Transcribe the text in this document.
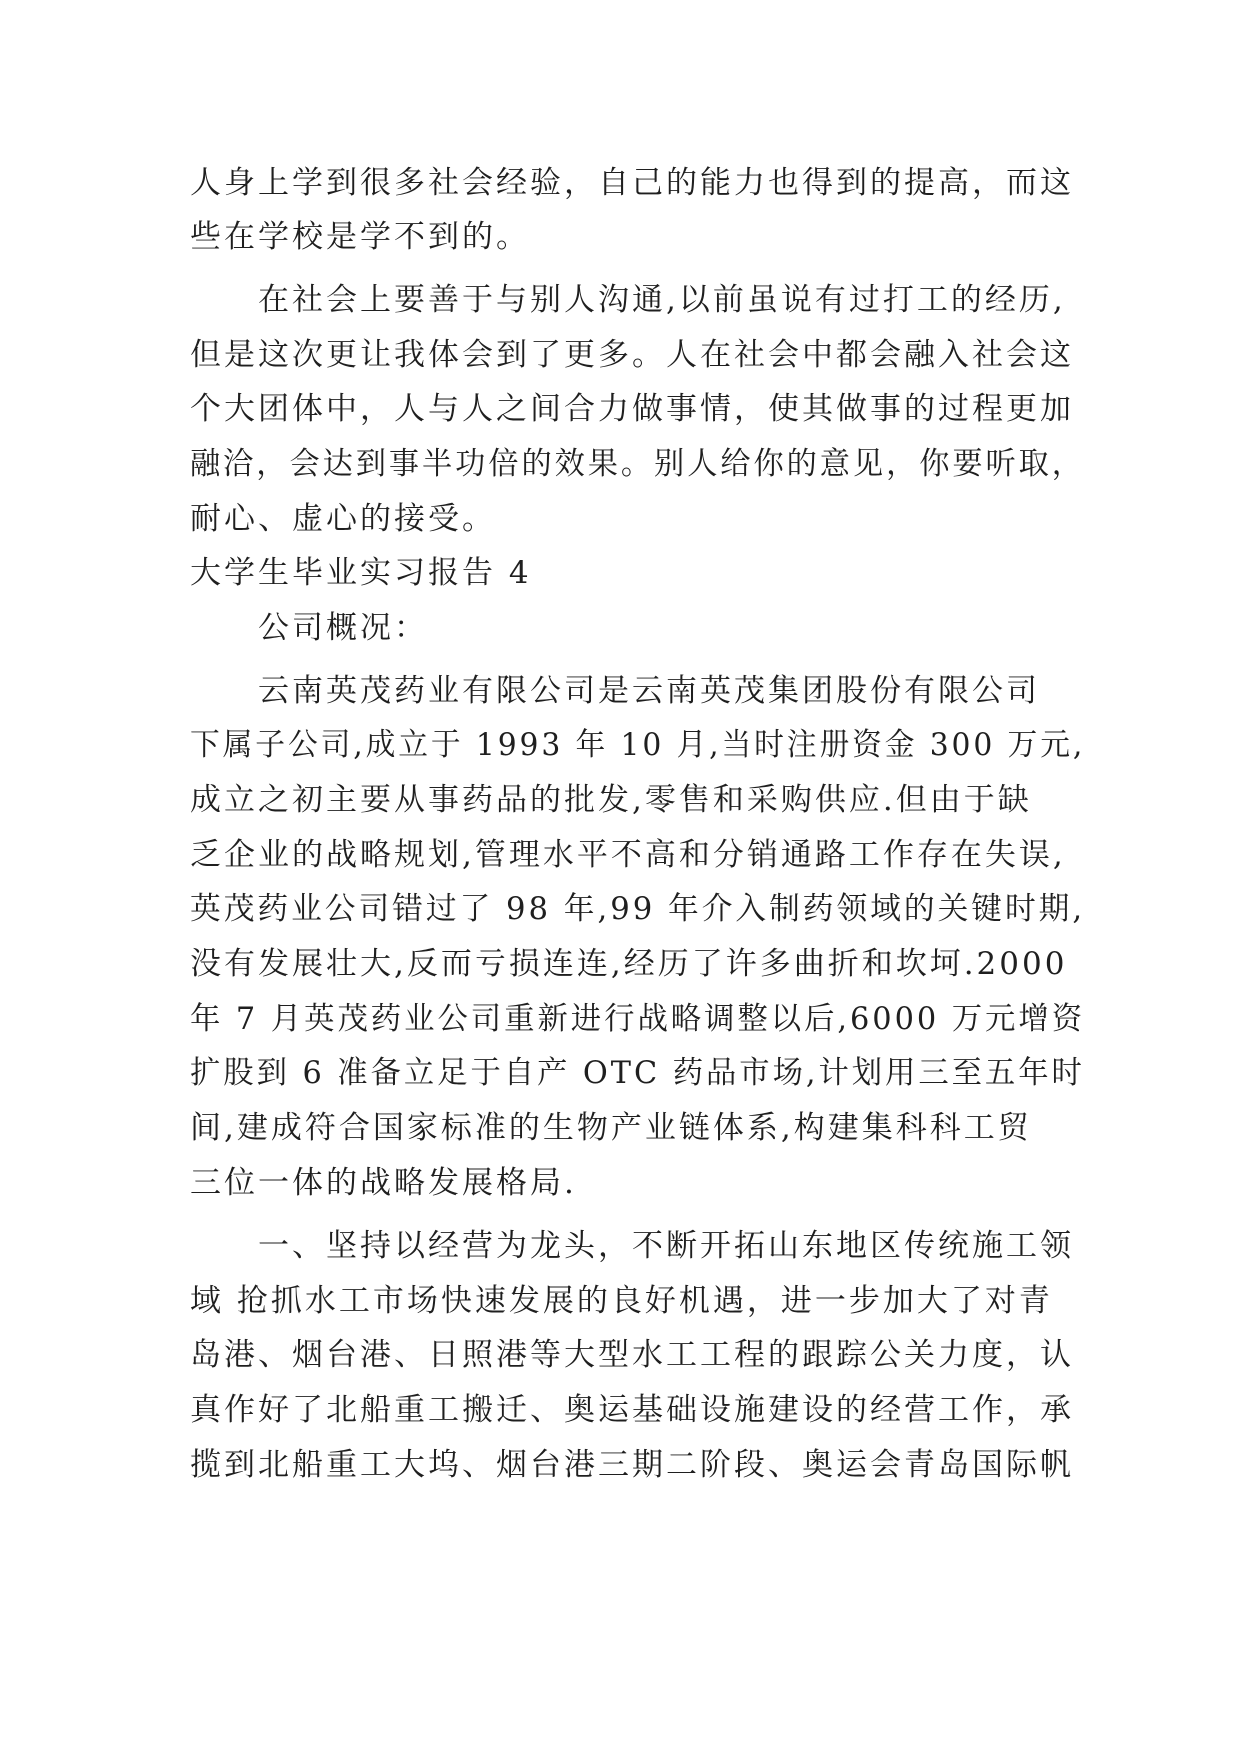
人身上学到很多社会经验，自己的能力也得到的提高，而这
些在学校是学不到的。
在社会上要善于与别人沟通,以前虽说有过打工的经历,
但是这次更让我体会到了更多。人在社会中都会融入社会这
个大团体中，人与人之间合力做事情，使其做事的过程更加
融洽，会达到事半功倍的效果。别人给你的意见，你要听取，
耐心、虚心的接受。
大学生毕业实习报告 4
公司概况：
云南英茂药业有限公司是云南英茂集团股份有限公司
下属子公司,成立于 1993 年 10 月,当时注册资金 300 万元,
成立之初主要从事药品的批发,零售和采购供应.但由于缺
乏企业的战略规划,管理水平不高和分销通路工作存在失误,
英茂药业公司错过了 98 年,99 年介入制药领域的关键时期,
没有发展壮大,反而亏损连连,经历了许多曲折和坎坷.2000
年 7 月英茂药业公司重新进行战略调整以后,6000 万元增资
扩股到 6 准备立足于自产 OTC 药品市场,计划用三至五年时
间,建成符合国家标准的生物产业链体系,构建集科科工贸
三位一体的战略发展格局.
一、坚持以经营为龙头，不断开拓山东地区传统施工领
域 抢抓水工市场快速发展的良好机遇，进一步加大了对青
岛港、烟台港、日照港等大型水工工程的跟踪公关力度，认
真作好了北船重工搬迁、奥运基础设施建设的经营工作，承
揽到北船重工大坞、烟台港三期二阶段、奥运会青岛国际帆
